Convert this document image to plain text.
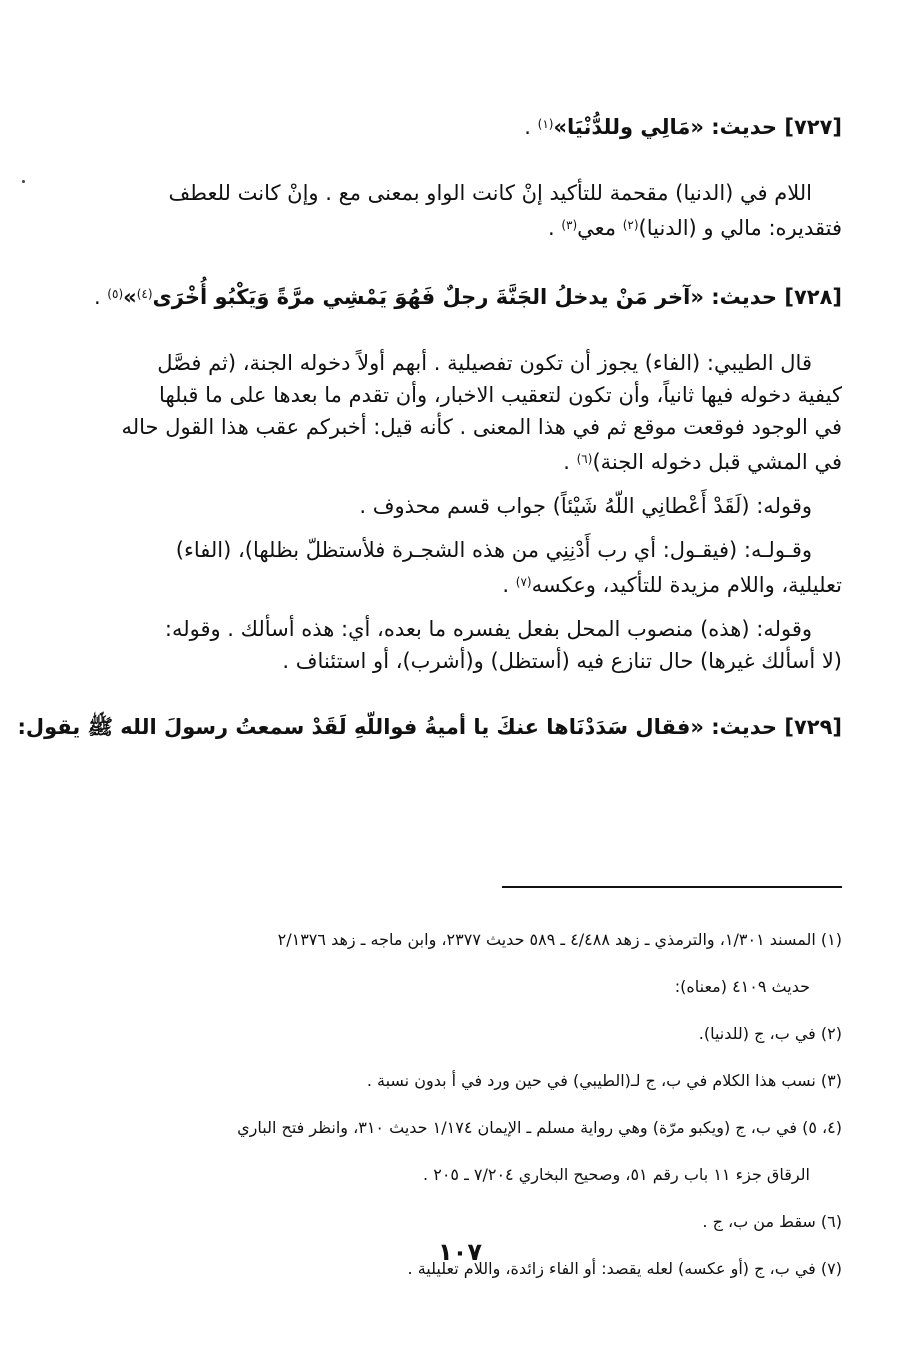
[٧٢٧] حديث: «مَالِي وللدُّنْيَا»$^{(١)}$ .

اللام في (الدنيا) مقحمة للتأكيد إنْ كانت الواو بمعنى مع . وإنْ كانت للعطف

فتقديره: مالي و (الدنيا)$^{(٢)}$ معي$^{(٣)}$ .

[٧٢٨] حديث: «آخر مَنْ يدخلُ الجَنَّةَ رجلٌ فَهُوَ يَمْشِي مرَّةً وَيَكْبُو أُخْرَى$^{(٤)}$»$^{(٥)}$ .

قال الطيبي: (الفاء) يجوز أن تكون تفصيلية . أبهم أولاً دخوله الجنة، (ثم فصَّل

كيفية دخوله فيها ثانياً، وأن تكون لتعقيب الاخبار، وأن تقدم ما بعدها على ما قبلها

في الوجود فوقعت موقع ثم في هذا المعنى . كأنه قيل: أخبركم عقب هذا القول حاله

في المشي قبل دخوله الجنة)$^{(٦)}$ .

وقوله: (لَقَدْ أَعْطانِي اللّهُ شَيْئاً) جواب قسم محذوف .

وقـولـه: (فيقـول: أي رب أَدْنِنِي من هذه الشجـرة فلأستظلّ بظلها)، (الفاء)

تعليلية، واللام مزيدة للتأكيد، وعكسه$^{(٧)}$ .

وقوله: (هذه) منصوب المحل بفعل يفسره ما بعده، أي: هذه أسألك . وقوله:

(لا أسألك غيرها) حال تنازع فيه (أستظل) و(أشرب)، أو استئناف .

[٧٢٩] حديث: «فقال سَدَدْنَاها عنكَ يا أميةُ فواللّهِ لَقَدْ سمعتُ رسولَ الله ﷺ يقول:

(١) المسند ١/٣٠١، والترمذي ـ زهد ٤/٤٨٨ ـ ٥٨٩ حديث ٢٣٧٧، وابن ماجه ـ زهد ٢/١٣٧٦

حديث ٤١٠٩ (معناه):

(٢) في ب، ج (للدنيا).

(٣) نسب هذا الكلام في ب، ج لـ(الطيبي) في حين ورد في أ بدون نسبة .

(٤، ٥) في ب، ج (ويكبو مرّة) وهي رواية مسلم ـ الإيمان ١/١٧٤ حديث ٣١٠، وانظر فتح الباري

الرقاق جزء ١١ باب رقم ٥١، وصحيح البخاري ٧/٢٠٤ ـ ٢٠٥ .

(٦) سقط من ب، ج .

(٧) في ب، ج (أو عكسه) لعله يقصد: أو الفاء زائدة، واللام تعليلية .

١٠٧
